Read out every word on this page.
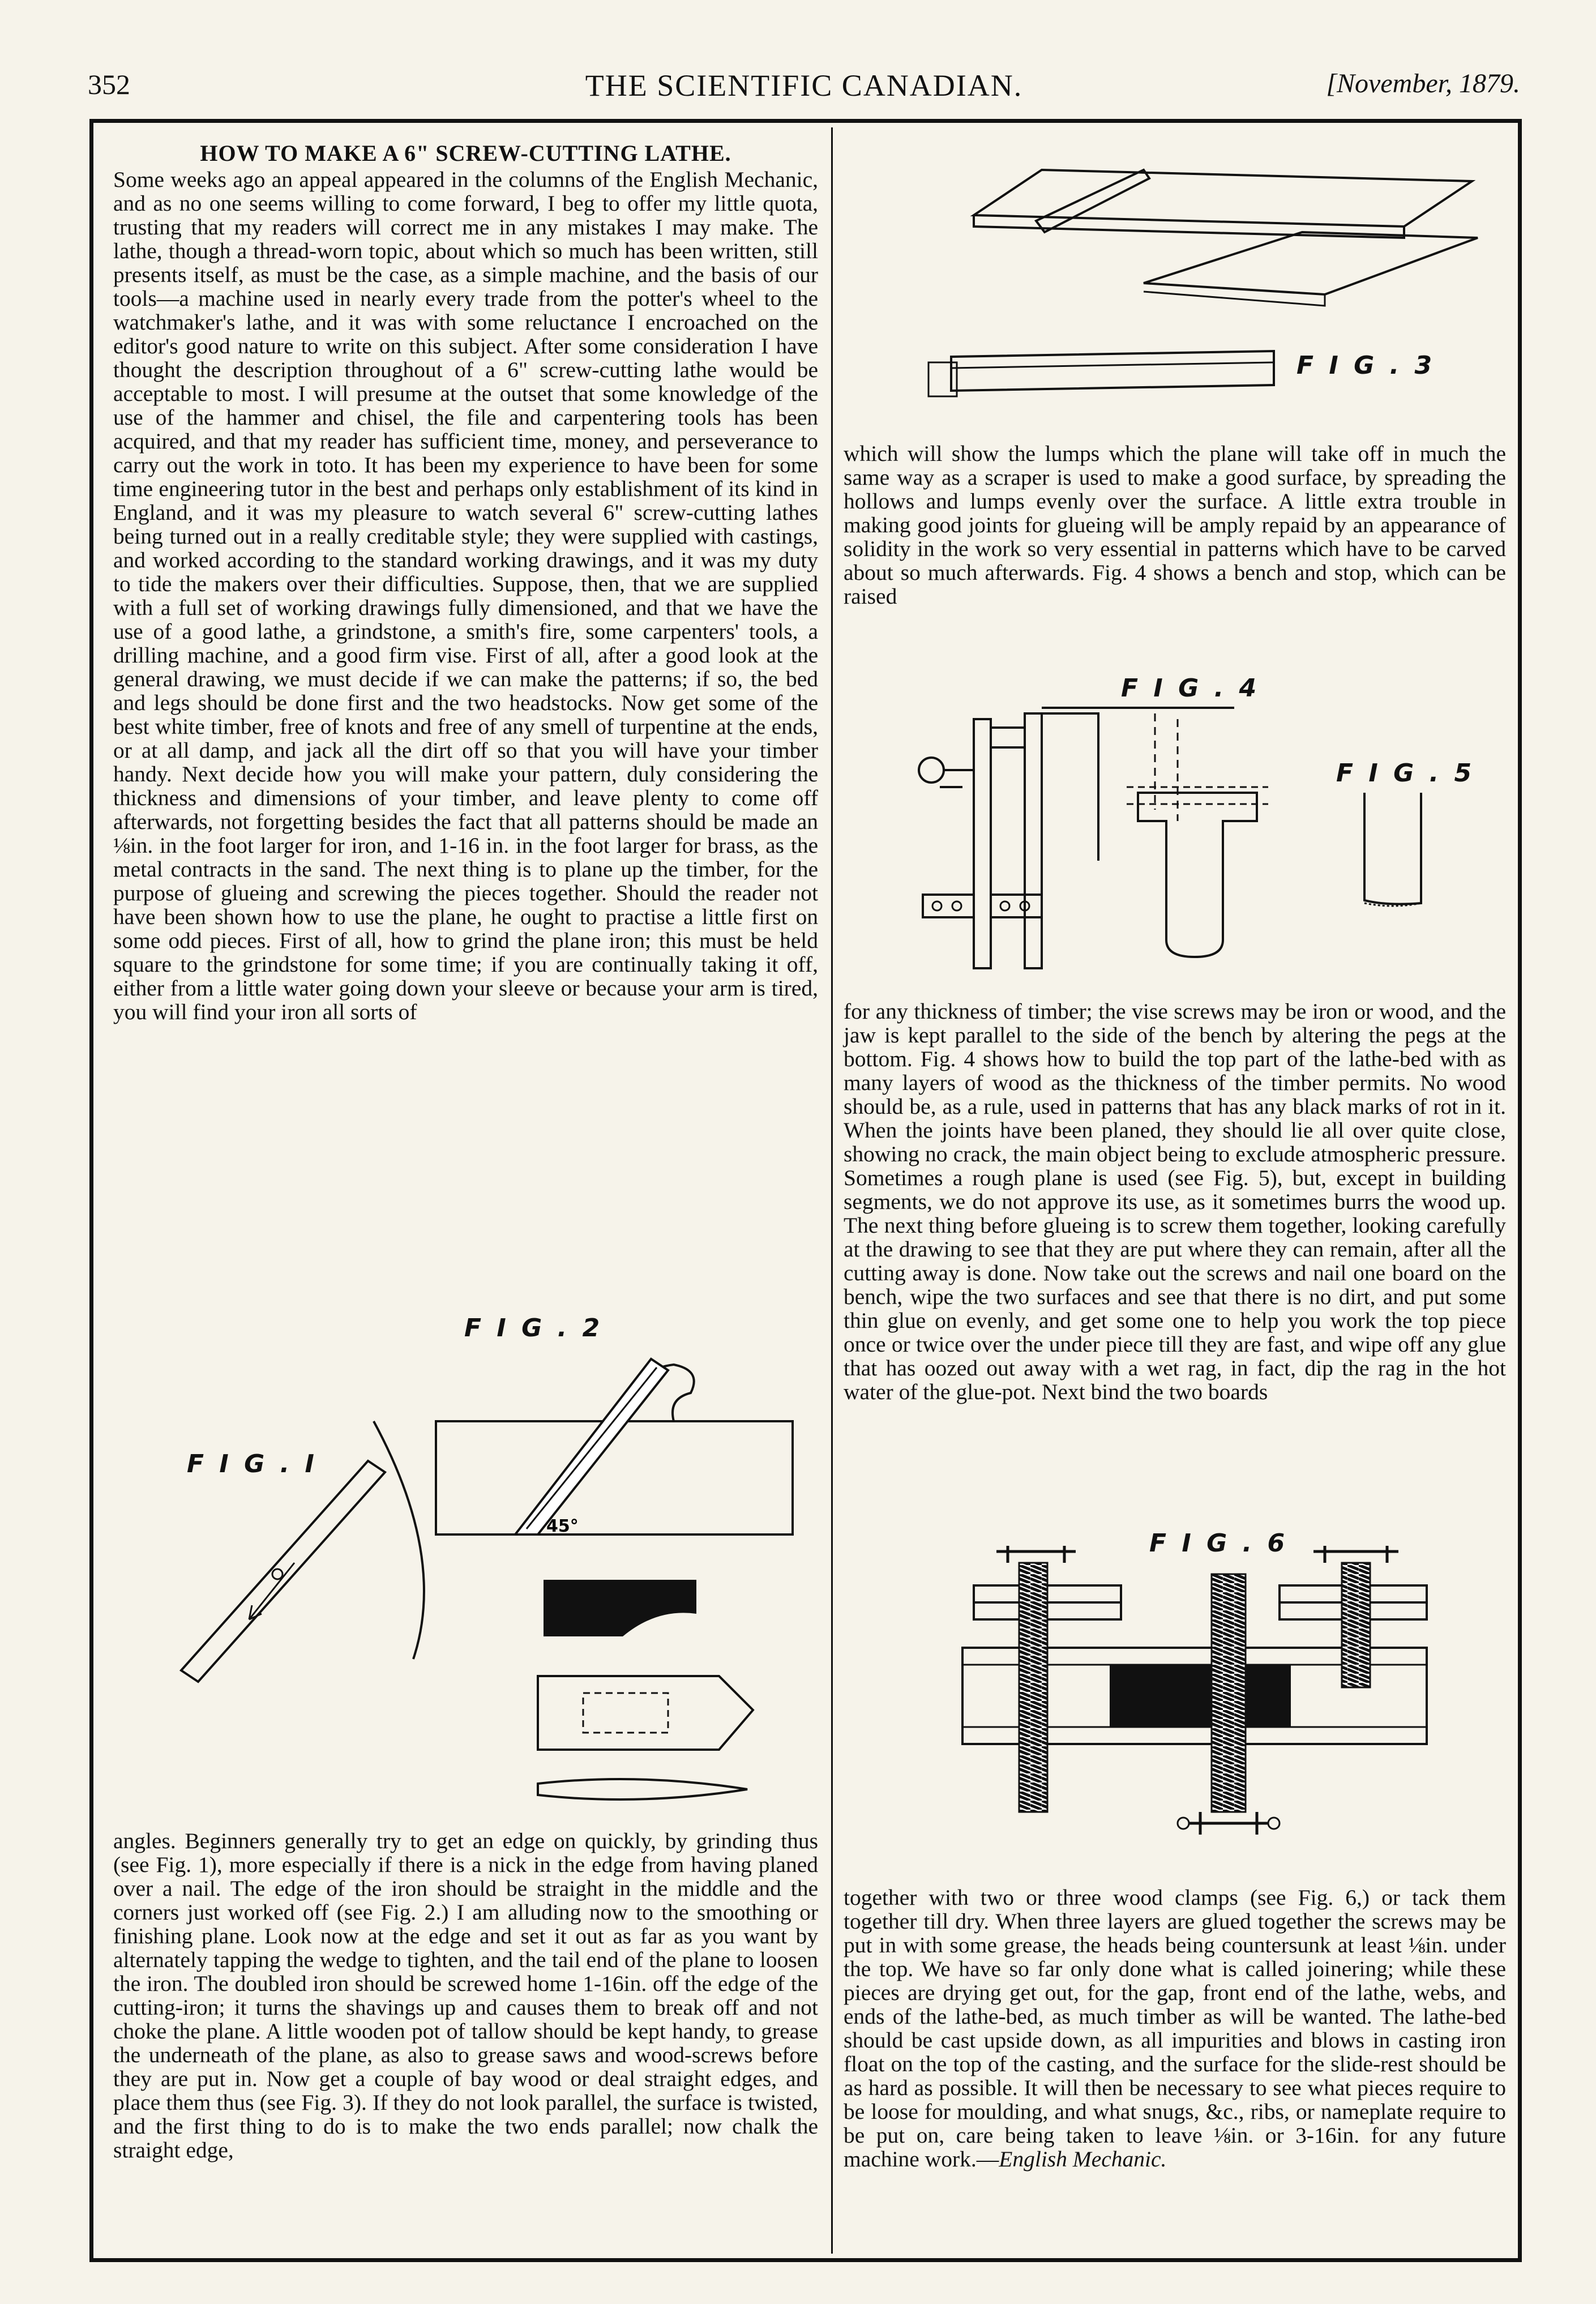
352	THE SCIENTIFIC CANADIAN.	[November, 1879.
HOW TO MAKE A 6" SCREW-CUTTING LATHE.

Some weeks ago an appeal appeared in the columns of the English Mechanic, and as no one seems willing to come forward, I beg to offer my little quota, trusting that my readers will correct me in any mistakes I may make. The lathe, though a thread-worn topic, about which so much has been written, still presents itself, as must be the case, as a simple machine, and the basis of our tools—a machine used in nearly every trade from the potter's wheel to the watchmaker's lathe, and it was with some reluctance I encroached on the editor's good nature to write on this subject. After some consideration I have thought the description throughout of a 6" screw-cutting lathe would be acceptable to most. I will presume at the outset that some knowledge of the use of the hammer and chisel, the file and carpentering tools has been acquired, and that my reader has sufficient time, money, and perseverance to carry out the work in toto. It has been my experience to have been for some time engineering tutor in the best and perhaps only establishment of its kind in England, and it was my pleasure to watch several 6" screw-cutting lathes being turned out in a really creditable style; they were supplied with castings, and worked according to the standard working drawings, and it was my duty to tide the makers over their difficulties. Suppose, then, that we are supplied with a full set of working drawings fully dimensioned, and that we have the use of a good lathe, a grindstone, a smith's fire, some carpenters' tools, a drilling machine, and a good firm vise. First of all, after a good look at the general drawing, we must decide if we can make the patterns; if so, the bed and legs should be done first and the two headstocks. Now get some of the best white timber, free of knots and free of any smell of turpentine at the ends, or at all damp, and jack all the dirt off so that you will have your timber handy. Next decide how you will make your pattern, duly considering the thickness and dimensions of your timber, and leave plenty to come off afterwards, not forgetting besides the fact that all patterns should be made an ⅛in. in the foot larger for iron, and 1-16 in. in the foot larger for brass, as the metal contracts in the sand. The next thing is to plane up the timber, for the purpose of glueing and screwing the pieces together. Should the reader not have been shown how to use the plane, he ought to practise a little first on some odd pieces. First of all, how to grind the plane iron; this must be held square to the grindstone for some time; if you are continually taking it off, either from a little water going down your sleeve or because your arm is tired, you will find your iron all sorts of

F I G . 2
F I G . I
45°

angles. Beginners generally try to get an edge on quickly, by grinding thus (see Fig. 1), more especially if there is a nick in the edge from having planed over a nail. The edge of the iron should be straight in the middle and the corners just worked off (see Fig. 2.) I am alluding now to the smoothing or finishing plane. Look now at the edge and set it out as far as you want by alternately tapping the wedge to tighten, and the tail end of the plane to loosen the iron. The doubled iron should be screwed home 1-16in. off the edge of the cutting-iron; it turns the shavings up and causes them to break off and not choke the plane. A little wooden pot of tallow should be kept handy, to grease the underneath of the plane, as also to grease saws and wood-screws before they are put in. Now get a couple of bay wood or deal straight edges, and place them thus (see Fig. 3). If they do not look parallel, the surface is twisted, and the first thing to do is to make the two ends parallel; now chalk the straight edge,

F I G . 3

which will show the lumps which the plane will take off in much the same way as a scraper is used to make a good surface, by spreading the hollows and lumps evenly over the surface. A little extra trouble in making good joints for glueing will be amply repaid by an appearance of solidity in the work so very essential in patterns which have to be carved about so much afterwards. Fig. 4 shows a bench and stop, which can be raised

F I G . 4
F I G . 5

for any thickness of timber; the vise screws may be iron or wood, and the jaw is kept parallel to the side of the bench by altering the pegs at the bottom. Fig. 4 shows how to build the top part of the lathe-bed with as many layers of wood as the thickness of the timber permits. No wood should be, as a rule, used in patterns that has any black marks of rot in it. When the joints have been planed, they should lie all over quite close, showing no crack, the main object being to exclude atmospheric pressure. Sometimes a rough plane is used (see Fig. 5), but, except in building segments, we do not approve its use, as it sometimes burrs the wood up. The next thing before glueing is to screw them together, looking carefully at the drawing to see that they are put where they can remain, after all the cutting away is done. Now take out the screws and nail one board on the bench, wipe the two surfaces and see that there is no dirt, and put some thin glue on evenly, and get some one to help you work the top piece once or twice over the under piece till they are fast, and wipe off any glue that has oozed out away with a wet rag, in fact, dip the rag in the hot water of the glue-pot. Next bind the two boards

F I G . 6

together with two or three wood clamps (see Fig. 6,) or tack them together till dry. When three layers are glued together the screws may be put in with some grease, the heads being countersunk at least ⅛in. under the top. We have so far only done what is called joinering; while these pieces are drying get out, for the gap, front end of the lathe, webs, and ends of the lathe-bed, as much timber as will be wanted. The lathe-bed should be cast upside down, as all impurities and blows in casting iron float on the top of the casting, and the surface for the slide-rest should be as hard as possible. It will then be necessary to see what pieces require to be loose for moulding, and what snugs, &c., ribs, or nameplate require to be put on, care being taken to leave ⅛in. or 3-16in. for any future machine work.—English Mechanic.
